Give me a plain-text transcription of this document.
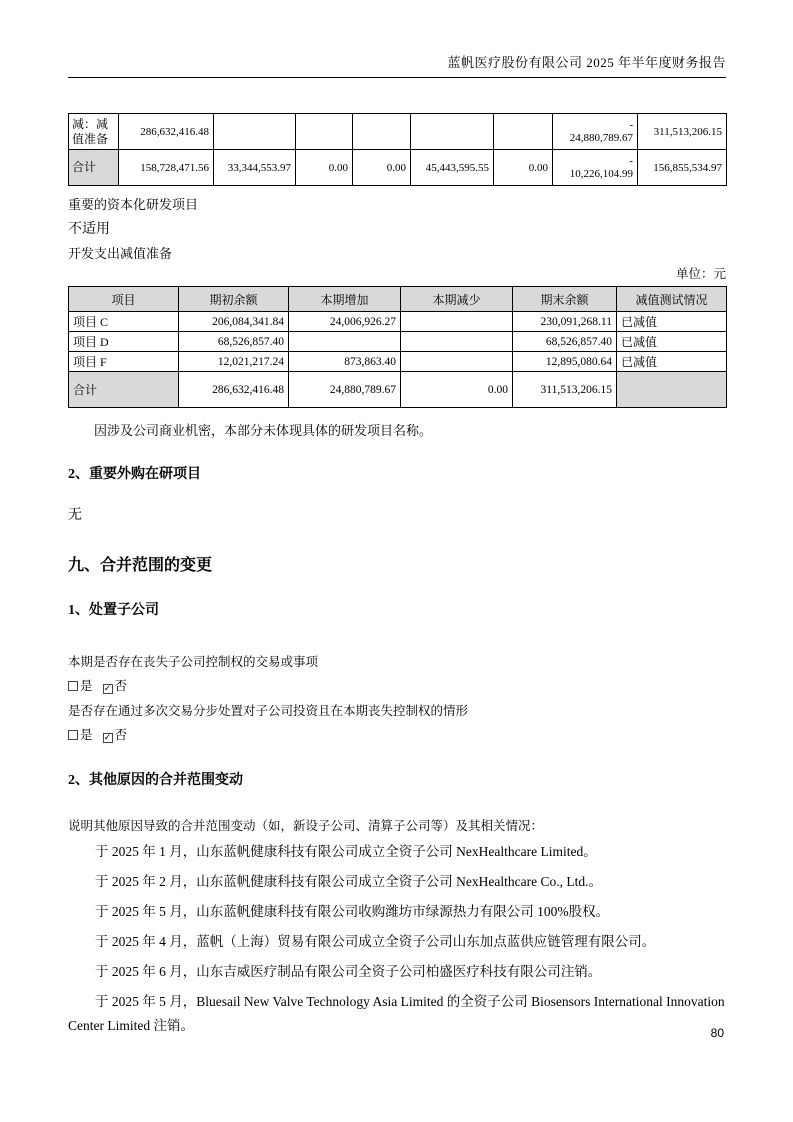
蓝帆医疗股份有限公司 2025 年半年度财务报告
减：减值准备	286,632,416.48						-
24,880,789.67	311,513,206.15
合计	158,728,471.56	33,344,553.97	0.00	0.00	45,443,595.55	0.00	-
10,226,104.99	156,855,534.97

重要的资本化研发项目

不适用

开发支出减值准备

单位：元

项目	期初余额	本期增加	本期减少	期末余额	减值测试情况
项目 C	206,084,341.84	24,006,926.27		230,091,268.11	已减值
项目 D	68,526,857.40			68,526,857.40	已减值
项目 F	12,021,217.24	873,863.40		12,895,080.64	已减值
合计	286,632,416.48	24,880,789.67	0.00	311,513,206.15	

因涉及公司商业机密，本部分未体现具体的研发项目名称。

2、重要外购在研项目

无

九、合并范围的变更

1、处置子公司

本期是否存在丧失子公司控制权的交易或事项

是 ✓ 否

是否存在通过多次交易分步处置对子公司投资且在本期丧失控制权的情形

是 ✓ 否

2、其他原因的合并范围变动

说明其他原因导致的合并范围变动（如，新设子公司、清算子公司等）及其相关情况：

于 2025 年 1 月，山东蓝帆健康科技有限公司成立全资子公司 NexHealthcare Limited。

于 2025 年 2 月，山东蓝帆健康科技有限公司成立全资子公司 NexHealthcare Co., Ltd.。

于 2025 年 5 月，山东蓝帆健康科技有限公司收购潍坊市绿源热力有限公司 100%股权。

于 2025 年 4 月，蓝帆（上海）贸易有限公司成立全资子公司山东加点蓝供应链管理有限公司。

于 2025 年 6 月，山东吉威医疗制品有限公司全资子公司柏盛医疗科技有限公司注销。

于 2025 年 5 月，Bluesail New Valve Technology Asia Limited 的全资子公司 Biosensors International Innovation Center Limited 注销。	80
